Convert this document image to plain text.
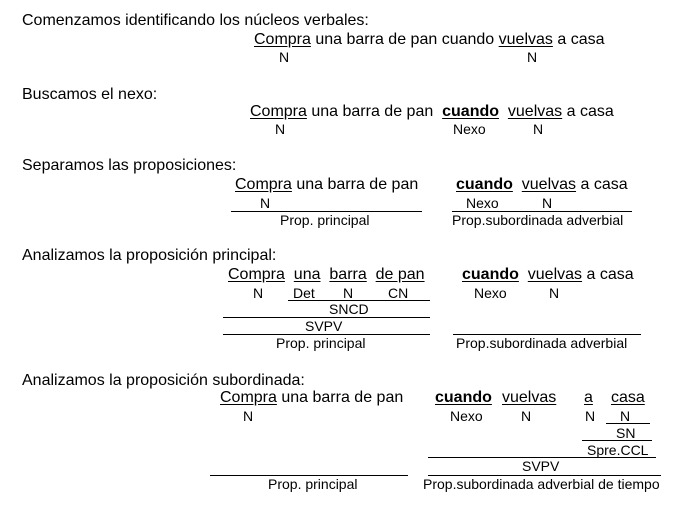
Comenzamos identificando los núcleos verbales:
Compra una barra de pan cuando vuelvas a casa
N	N
Buscamos el nexo:
Compra una barra de pan cuando vuelvas a casa
N	Nexo	N
Separamos las proposiciones:
Compra una barra de pan cuando vuelvas a casa
N	Nexo	N
Prop. principal	Prop.subordinada adverbial
Analizamos la proposición principal:
Compra una barra de pan cuando vuelvas a casa
N Det N CN	Nexo	N
SNCD
SVPV
Prop. principal	Prop.subordinada adverbial
Analizamos la proposición subordinada:
Compra una barra de pan cuando vuelvas a casa
N	Nexo	N	N N
SN
Spre.CCL
SVPV
Prop. principal	Prop.subordinada adverbial de tiempo
